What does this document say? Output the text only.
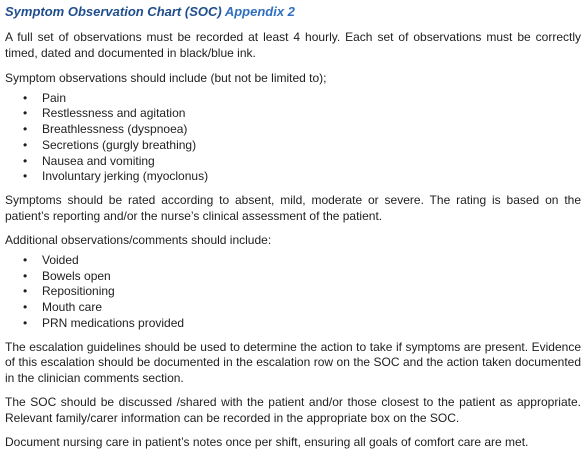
Symptom Observation Chart (SOC) Appendix 2

A full set of observations must be recorded at least 4 hourly. Each set of observations must be correctly timed, dated and documented in black/blue ink.

Symptom observations should include (but not be limited to);

• Pain
• Restlessness and agitation
• Breathlessness (dyspnoea)
• Secretions (gurgly breathing)
• Nausea and vomiting
• Involuntary jerking (myoclonus)

Symptoms should be rated according to absent, mild, moderate or severe. The rating is based on the patient’s reporting and/or the nurse’s clinical assessment of the patient.

Additional observations/comments should include:

• Voided
• Bowels open
• Repositioning
• Mouth care
• PRN medications provided

The escalation guidelines should be used to determine the action to take if symptoms are present. Evidence of this escalation should be documented in the escalation row on the SOC and the action taken documented in the clinician comments section.

The SOC should be discussed /shared with the patient and/or those closest to the patient as appropriate. Relevant family/carer information can be recorded in the appropriate box on the SOC.

Document nursing care in patient’s notes once per shift, ensuring all goals of comfort care are met.
